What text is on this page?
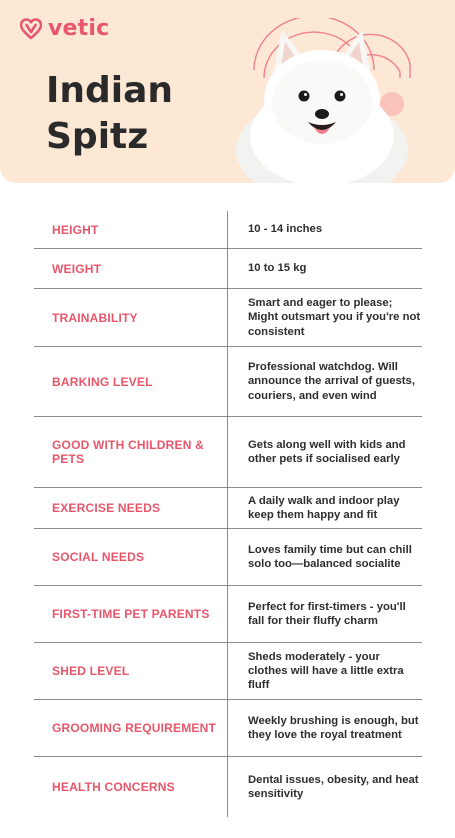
vetic
Indian
Spitz
HEIGHT	10 - 14 inches
WEIGHT	10 to 15 kg
TRAINABILITY
Smart and eager to please; Might outsmart you if you're not consistent
BARKING LEVEL
Professional watchdog. Will announce the arrival of guests, couriers, and even wind
GOOD WITH CHILDREN & PETS
Gets along well with kids and other pets if socialised early
EXERCISE NEEDS
A daily walk and indoor play keep them happy and fit
SOCIAL NEEDS
Loves family time but can chill solo too—balanced socialite
FIRST-TIME PET PARENTS
Perfect for first-timers - you'll fall for their fluffy charm
SHED LEVEL
Sheds moderately - your clothes will have a little extra fluff
GROOMING REQUIREMENT
Weekly brushing is enough, but they love the royal treatment
HEALTH CONCERNS
Dental issues, obesity, and heat sensitivity
